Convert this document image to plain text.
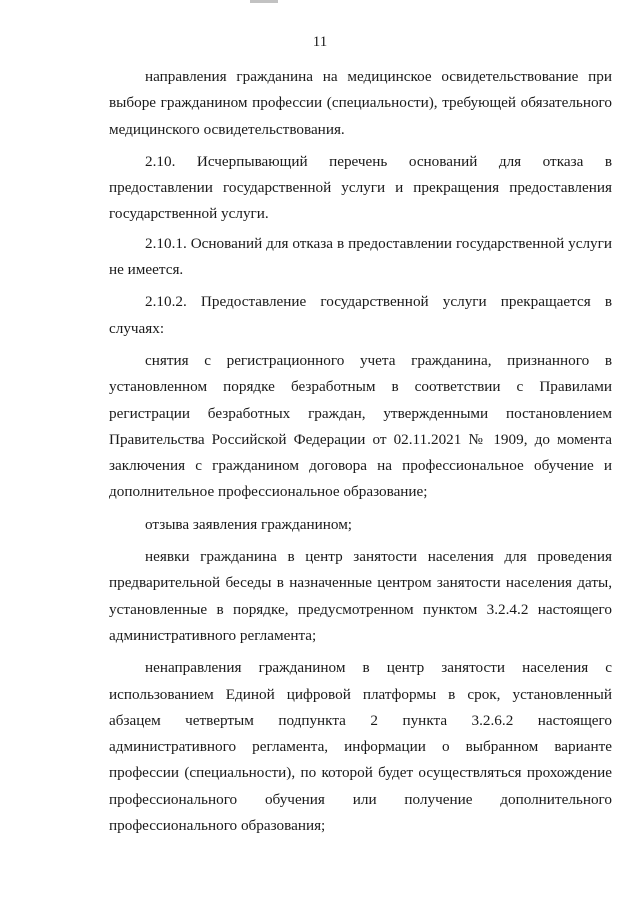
11

направления гражданина на медицинское освидетельствование при выборе гражданином профессии (специальности), требующей обязательного медицинского освидетельствования.

2.10. Исчерпывающий перечень оснований для отказа в предоставлении государственной услуги и прекращения предоставления государственной услуги.

2.10.1. Оснований для отказа в предоставлении государственной услуги не имеется.

2.10.2. Предоставление государственной услуги прекращается в случаях:

снятия с регистрационного учета гражданина, признанного в установленном порядке безработным в соответствии с Правилами регистрации безработных граждан, утвержденными постановлением Правительства Российской Федерации от 02.11.2021 № 1909, до момента заключения с гражданином договора на профессиональное обучение и дополнительное профессиональное образование;

отзыва заявления гражданином;

неявки гражданина в центр занятости населения для проведения предварительной беседы в назначенные центром занятости населения даты, установленные в порядке, предусмотренном пунктом 3.2.4.2 настоящего административного регламента;

ненаправления гражданином в центр занятости населения с использованием Единой цифровой платформы в срок, установленный абзацем четвертым подпункта 2 пункта 3.2.6.2 настоящего административного регламента, информации о выбранном варианте профессии (специальности), по которой будет осуществляться прохождение профессионального обучения или получение дополнительного профессионального образования;
